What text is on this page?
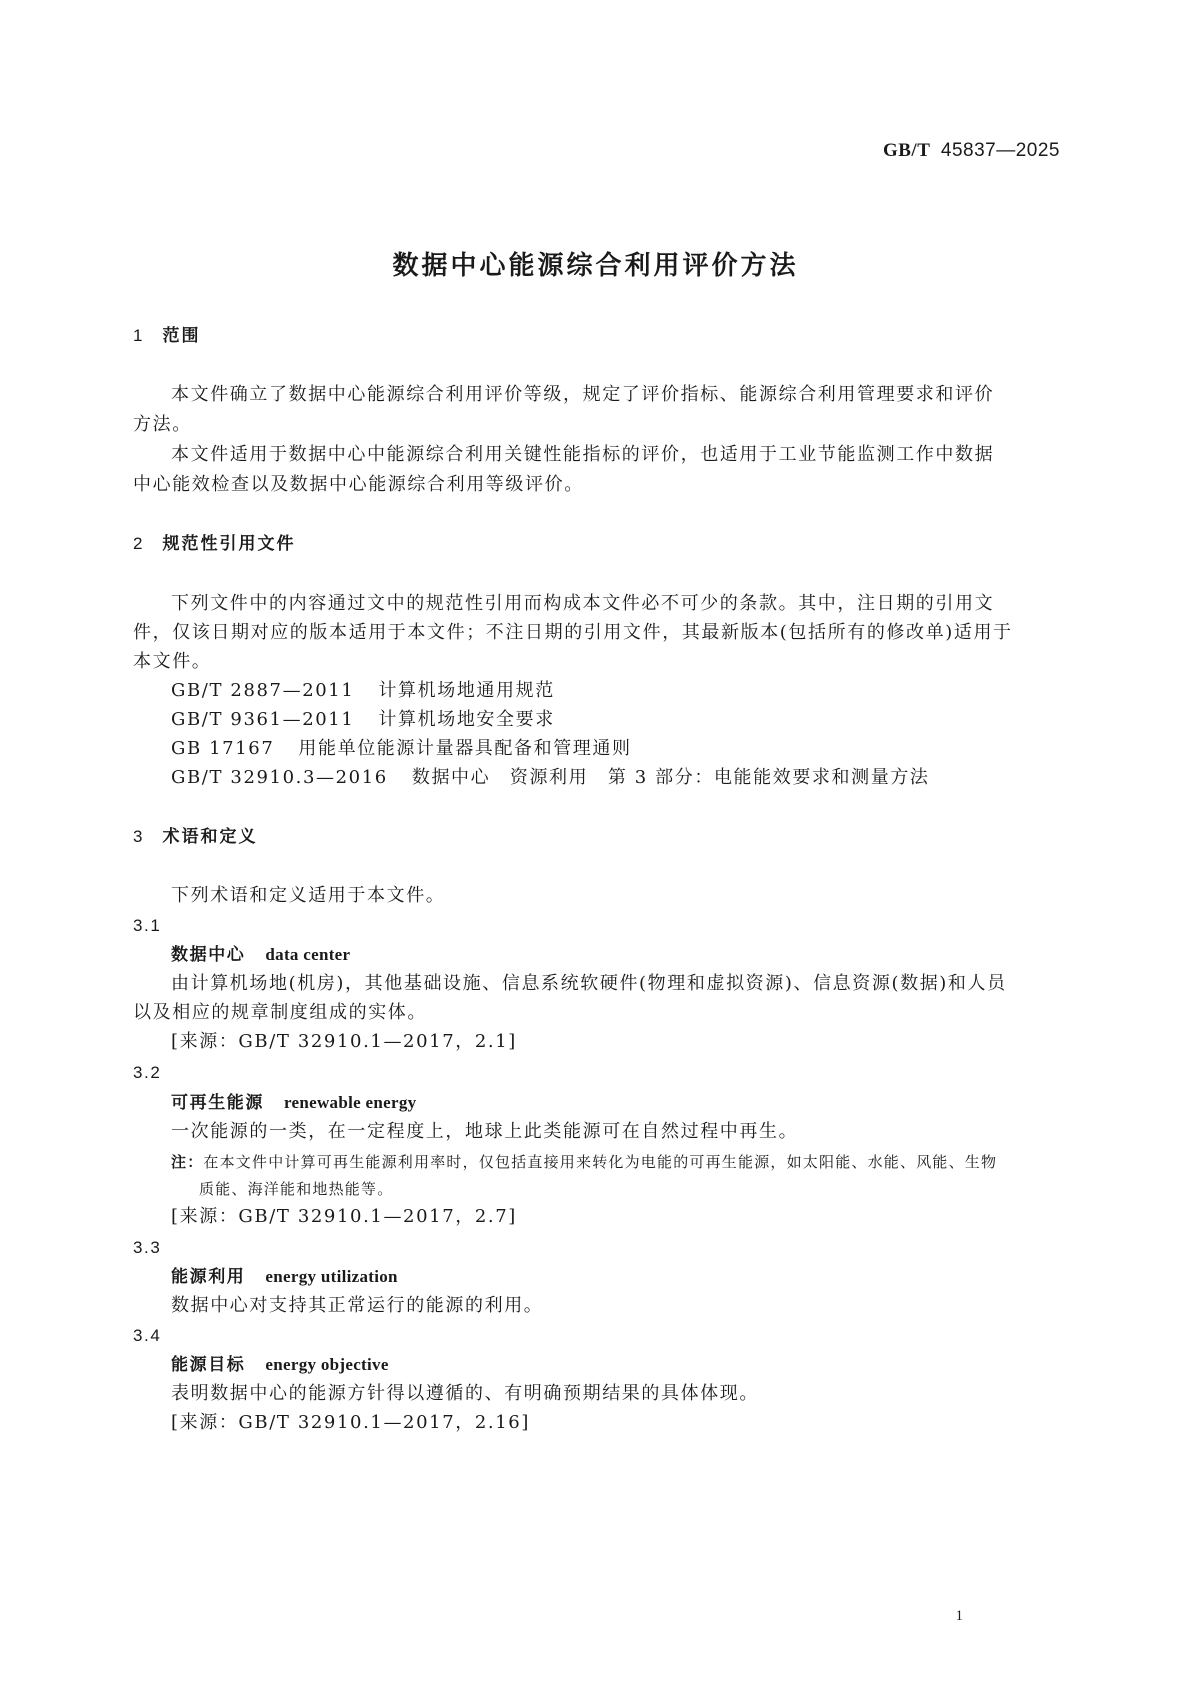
GB/T 45837—2025
数据中心能源综合利用评价方法
1 范围
本文件确立了数据中心能源综合利用评价等级，规定了评价指标、能源综合利用管理要求和评价
方法。
本文件适用于数据中心中能源综合利用关键性能指标的评价，也适用于工业节能监测工作中数据
中心能效检查以及数据中心能源综合利用等级评价。
2 规范性引用文件
下列文件中的内容通过文中的规范性引用而构成本文件必不可少的条款。其中，注日期的引用文
件，仅该日期对应的版本适用于本文件；不注日期的引用文件，其最新版本(包括所有的修改单)适用于
本文件。
GB/T 2887—2011 计算机场地通用规范
GB/T 9361—2011 计算机场地安全要求
GB 17167 用能单位能源计量器具配备和管理通则
GB/T 32910.3—2016 数据中心　资源利用　第 3 部分：电能能效要求和测量方法
3 术语和定义
下列术语和定义适用于本文件。
3.1
数据中心 data center
由计算机场地(机房)，其他基础设施、信息系统软硬件(物理和虚拟资源)、信息资源(数据)和人员
以及相应的规章制度组成的实体。
[来源：GB/T 32910.1—2017，2.1]
3.2
可再生能源 renewable energy
一次能源的一类，在一定程度上，地球上此类能源可在自然过程中再生。
注：在本文件中计算可再生能源利用率时，仅包括直接用来转化为电能的可再生能源，如太阳能、水能、风能、生物
质能、海洋能和地热能等。
[来源：GB/T 32910.1—2017，2.7]
3.3
能源利用 energy utilization
数据中心对支持其正常运行的能源的利用。
3.4
能源目标 energy objective
表明数据中心的能源方针得以遵循的、有明确预期结果的具体体现。
[来源：GB/T 32910.1—2017，2.16]
1
